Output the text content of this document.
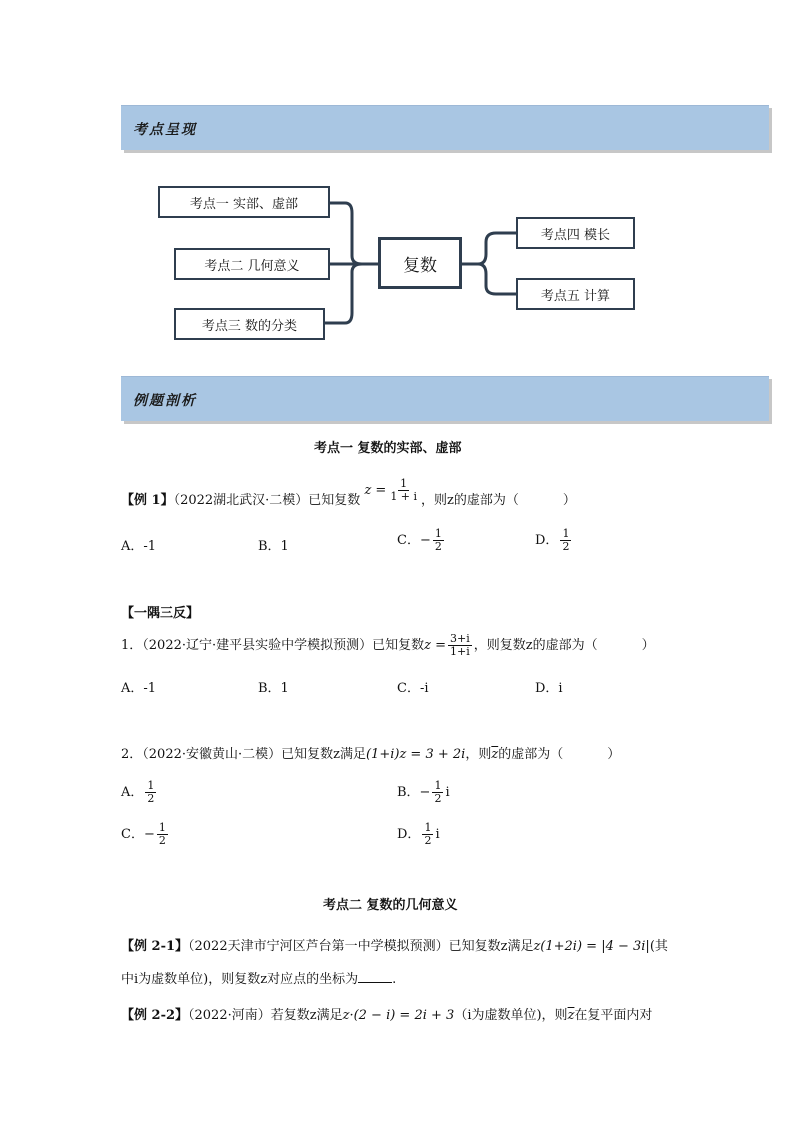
考点呈现
考点一 实部、虚部
考点二 几何意义
考点三 数的分类
复数
考点四 模长
考点五 计算
例题剖析
考点一 复数的实部、虚部
【例 1】（2022湖北武汉·二模）已知复数 $z = \frac{1}{1 + i}$ ，则z的虚部为（	）
A．-1	B．1	C．− $\frac{1}{2}$	D． $\frac{1}{2}$
【一隅三反】
1．（2022·辽宁·建平县实验中学模拟预测）已知复数$z = \frac{3+i}{1+i}$ ，则复数z的虚部为（	）
A．-1	B．1	C．-i	D．i
2．（2022·安徽黄山·二模）已知复数z满足(1+i)z = 3 + 2i，则$\overline{z}$的虚部为（	）
A． $\frac{1}{2}$	B．− $\frac{1}{2}$ i
C．− $\frac{1}{2}$	D． $\frac{1}{2}$ i
考点二 复数的几何意义
【例 2-1】（2022天津市宁河区芦台第一中学模拟预测）已知复数z满足z(1+2i) = |4 − 3i|(其
中i为虚数单位)，则复数z对应点的坐标为	.
【例 2-2】（2022·河南）若复数z满足z·(2 − i) = 2i + 3（i为虚数单位)，则$\overline{z}$在复平面内对
